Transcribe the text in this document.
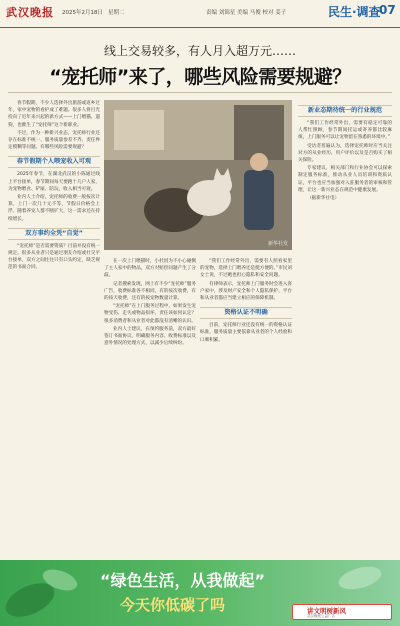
武汉晚报 2025年2月18日 星期二	责编 刘锦星 美编 马俊 校对 姜子	民生·调查
07
线上交易较多，有人月入超万元……
“宠托师”来了，哪些风险需要规避？

春节假期，不少人选择外出旅游或返乡过年，家中宠物的看护成了难题。很多人将目光投向了近年来兴起的新方式——上门喂猫、遛狗，也催生了“宠托师”这个新职业。

不过，作为一种新兴业态，宠托师行业还存在标准不统一、服务质量参差不齐、责任界定模糊等问题。有哪些风险需要规避？

春节假期个人喂宠收入可观

2025年春节，在湖北武汉的小陈通过线上平台接单，春节期间每天要跑十几户人家，为宠物喂食、铲屎、陪玩，收入相当可观。

业内人士介绍，宠托师的收费一般按次计算，上门一次几十元不等，节假日价格会上浮。随着养宠人群不断扩大，这一需求还在持续增长。

双方事约全凭“自觉”

“宠托师”是否需要资质？目前并没有统一规定。很多从业者只是通过朋友介绍或社交平台接单，双方之间往往只有口头约定，缺乏规范的书面合同。

新华社发

在一次上门喂猫时，小杜因为不小心碰倒了主人家中的物品，双方对赔偿问题产生了分歧。

记者搜索发现，网上有不少“宠托师”服务广告，收费标准各不相同。有的按次收费，有的按天收费，还有的按宠物数量计算。

“宠托师”在上门服务过程中，如果发生宠物受伤、走失或物品损坏，责任该如何认定？很多消费者和从业者对此都没有清晰的认识。

业内人士建议，在预约服务前，双方最好签订书面协议，明确服务内容、收费标准以及意外情况的处理方式，以减少后续纠纷。

“我们工作经常外出，需要有人照看家里的宠物，选择上门喂养还是挺方便的。”市民刘女士说，不过她也担心隐私和安全问题。

有律师表示，宠托师上门服务时会进入客户家中，涉及财产安全和个人隐私保护，平台和从业者都应当建立相应的保障机制。

资格认证不明确

目前，宠托师行业还没有统一的资格认证标准，服务质量主要依靠从业者的个人经验和口碑积累。

新业态期待统一的行业规范

“我们工作经常外出，需要有稳定可靠的人帮忙照顾，春节期间托运或寄养都比较麻烦，上门服务可以让宠物留在熟悉的环境中。”

受访者普遍认为，选择宠托师时应当关注对方的从业经历、用户评价以及是否购买了相关保险。

专家建议，相关部门和行业协会可以探索制定服务标准，推动从业人员培训和资质认证，平台也应当加强对入驻服务者的审核和管理，让这一新兴业态在规范中健康发展。

（据新华社电）

“绿色生活，从我做起”
今天你低碳了吗	讲文明树新风
武汉晚报公益广告
